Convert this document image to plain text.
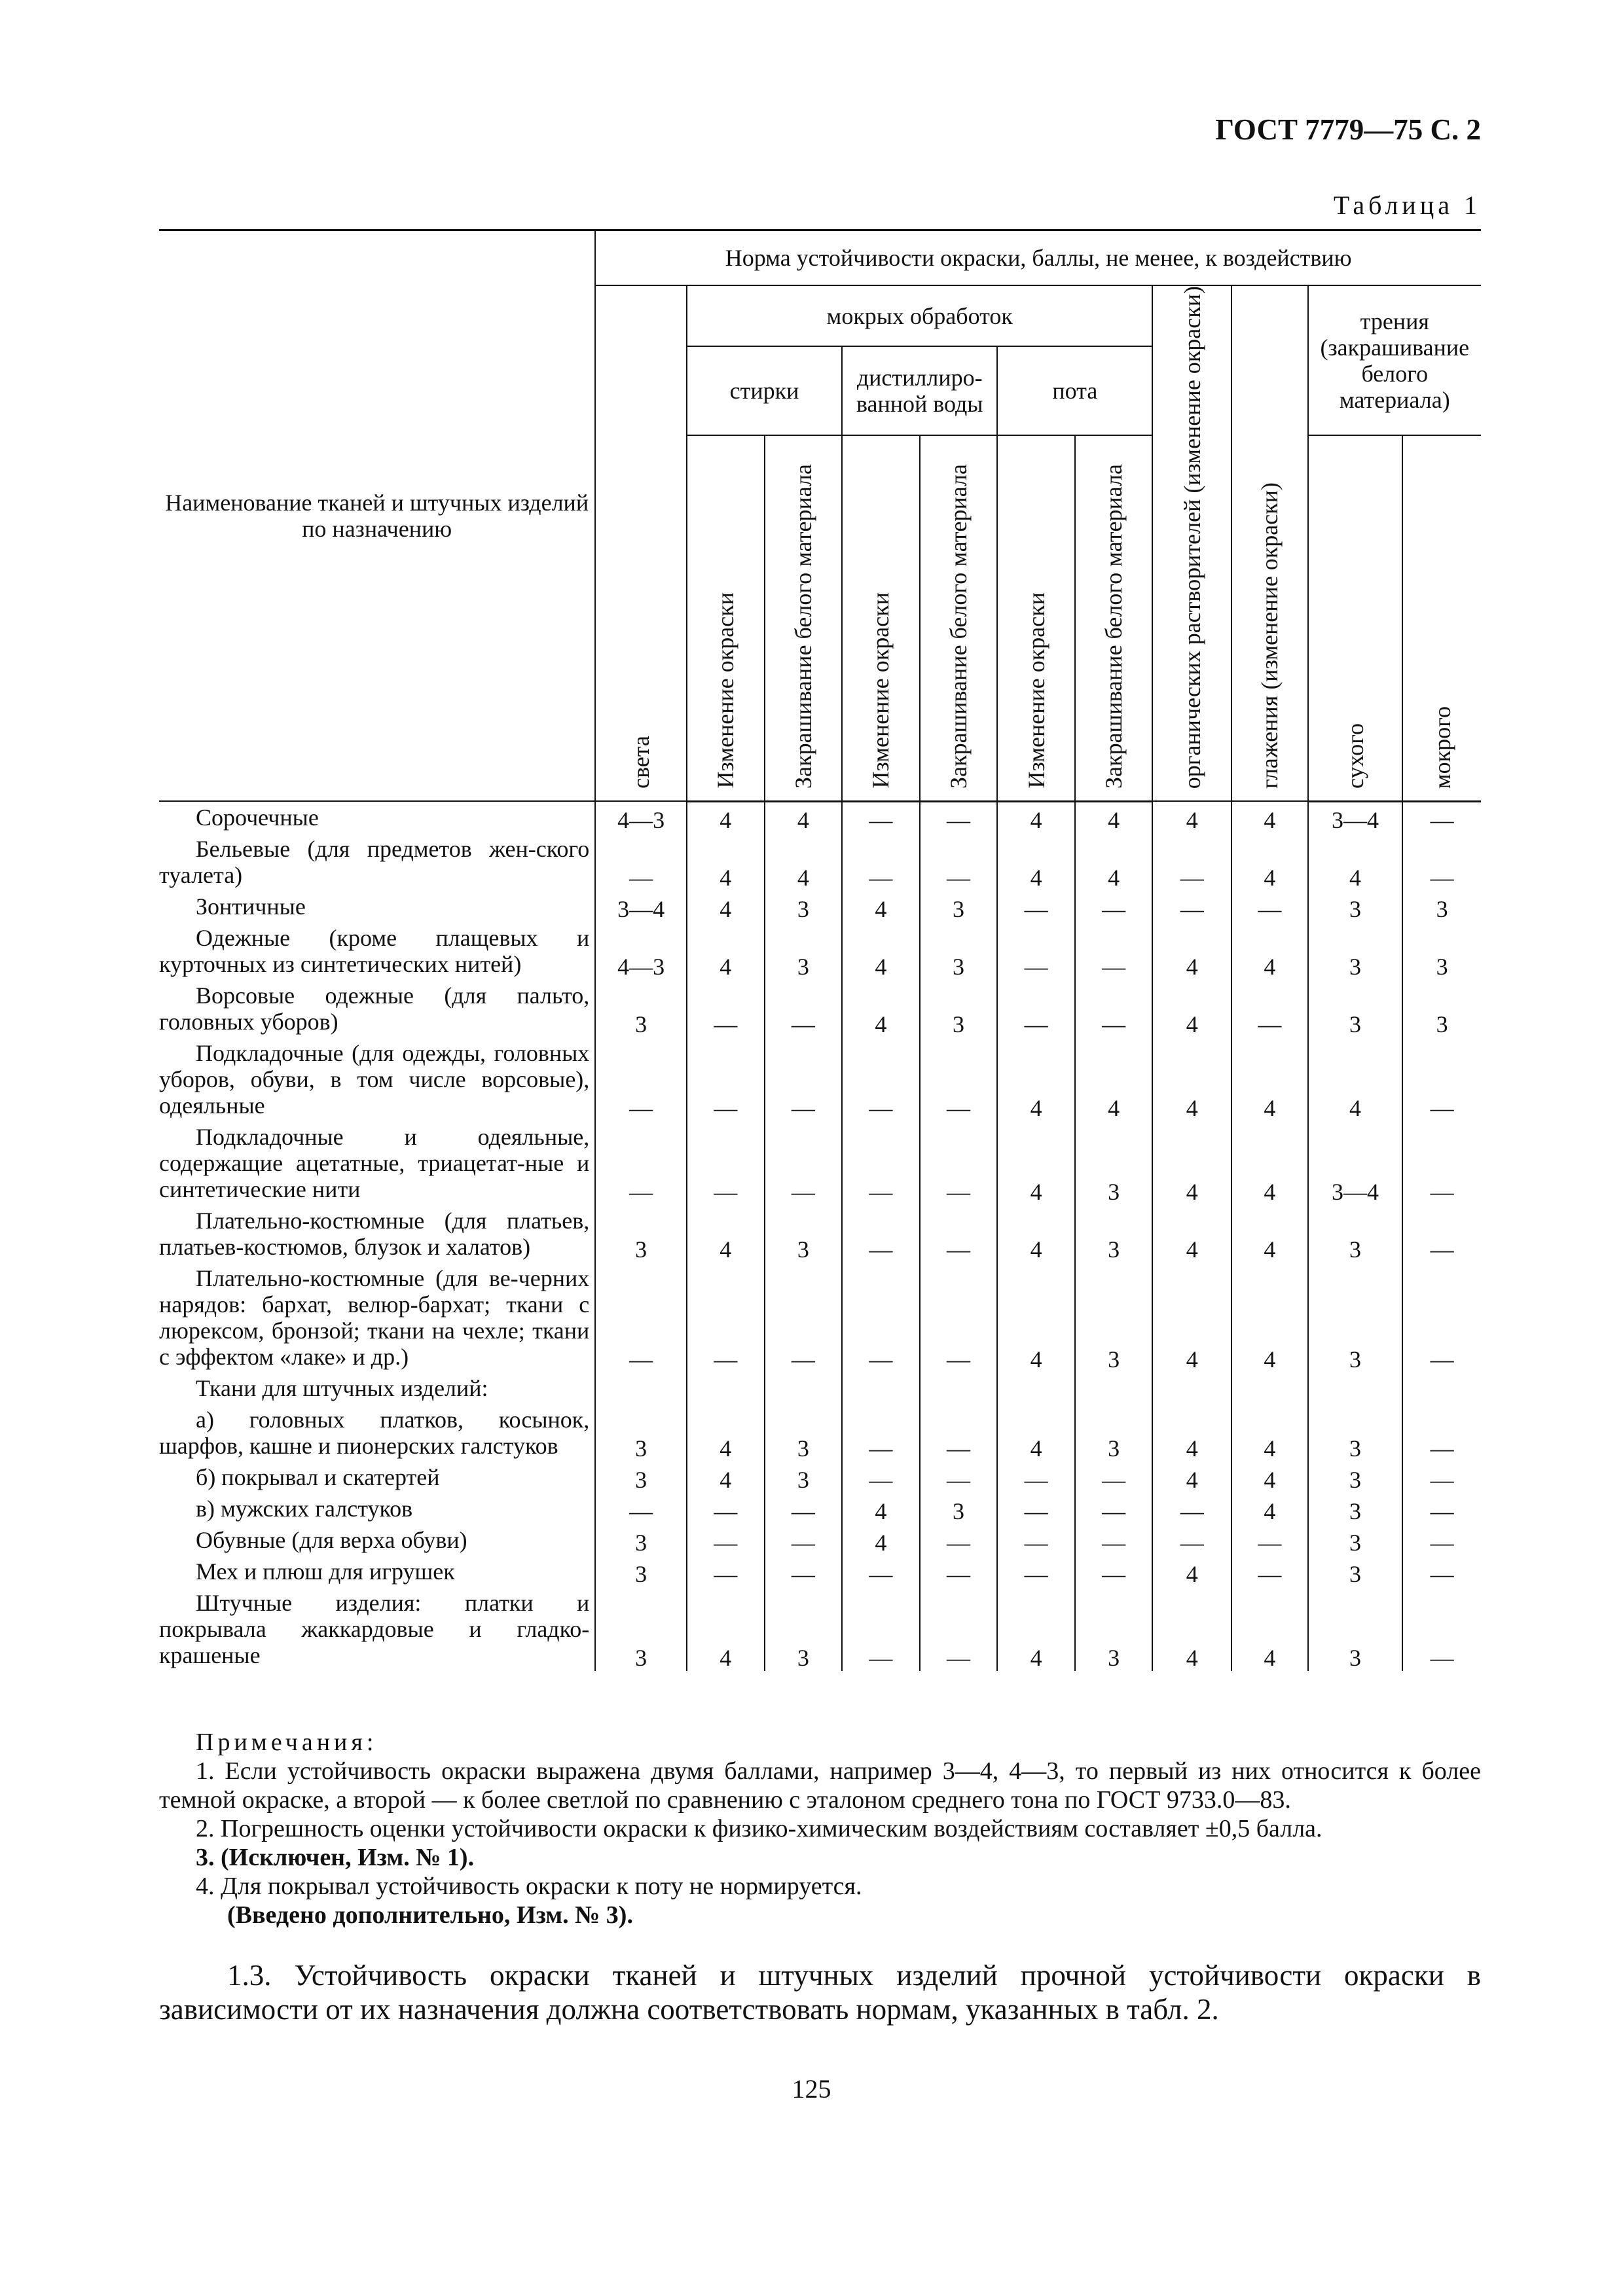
ГОСТ 7779—75 С. 2
Таблица 1
Наименование тканей и штучных изделий по назначению	Норма устойчивости окраски, баллы, не менее, к воздействию										

	света	мокрых обработок						органических растворителей (изменение окраски)	глажения (изменение окраски)	трения (закрашивание белого материала)	
		стирки		дистиллиро-ванной воды		пота					

		Изменение окраски	Закрашивание белого материала	Изменение окраски	Закрашивание белого материала	Изменение окраски	Закрашивание белого материала			сухого	мокрого

Сорочечные	4—3	4	4	—	—	4	4	4	4	3—4	—

Бельевые (для предметов жен-ского туалета)	—	4	4	—	—	4	4	—	4	4	—

Зонтичные	3—4	4	3	4	3	—	—	—	—	3	3

Одежные (кроме плащевых и курточных из синтетических нитей)	4—3	4	3	4	3	—	—	4	4	3	3

Ворсовые одежные (для пальто, головных уборов)	3	—	—	4	3	—	—	4	—	3	3

Подкладочные (для одежды, головных уборов, обуви, в том числе ворсовые), одеяльные	—	—	—	—	—	4	4	4	4	4	—

Подкладочные и одеяльные, содержащие ацетатные, триацетат-ные и синтетические нити	—	—	—	—	—	4	3	4	4	3—4	—

Плательно-костюмные (для платьев, платьев-костюмов, блузок и халатов)	3	4	3	—	—	4	3	4	4	3	—

Плательно-костюмные (для ве-черних нарядов: бархат, велюр-бархат; ткани с люрексом, бронзой; ткани на чехле; ткани с эффектом «лаке» и др.)	—	—	—	—	—	4	3	4	4	3	—

Ткани для штучных изделий:											

а) головных платков, косынок, шарфов, кашне и пионерских галстуков	3	4	3	—	—	4	3	4	4	3	—

б) покрывал и скатертей	3	4	3	—	—	—	—	4	4	3	—

в) мужских галстуков	—	—	—	4	3	—	—	—	4	3	—

Обувные (для верха обуви)	3	—	—	4	—	—	—	—	—	3	—

Мех и плюш для игрушек	3	—	—	—	—	—	—	4	—	3	—

Штучные изделия: платки и покрывала жаккардовые и гладко-крашеные	3	4	3	—	—	4	3	4	4	3	—
Примечания:

1. Если устойчивость окраски выражена двумя баллами, например 3—4, 4—3, то первый из них относится к более темной окраске, а второй — к более светлой по сравнению с эталоном среднего тона по ГОСТ 9733.0—83.

2. Погрешность оценки устойчивости окраски к физико-химическим воздействиям составляет ±0,5 балла.

3. (Исключен, Изм. № 1).

4. Для покрывал устойчивость окраски к поту не нормируется.

(Введено дополнительно, Изм. № 3).

1.3. Устойчивость окраски тканей и штучных изделий прочной устойчивости окраски в зависимости от их назначения должна соответствовать нормам, указанных в табл. 2.
125
